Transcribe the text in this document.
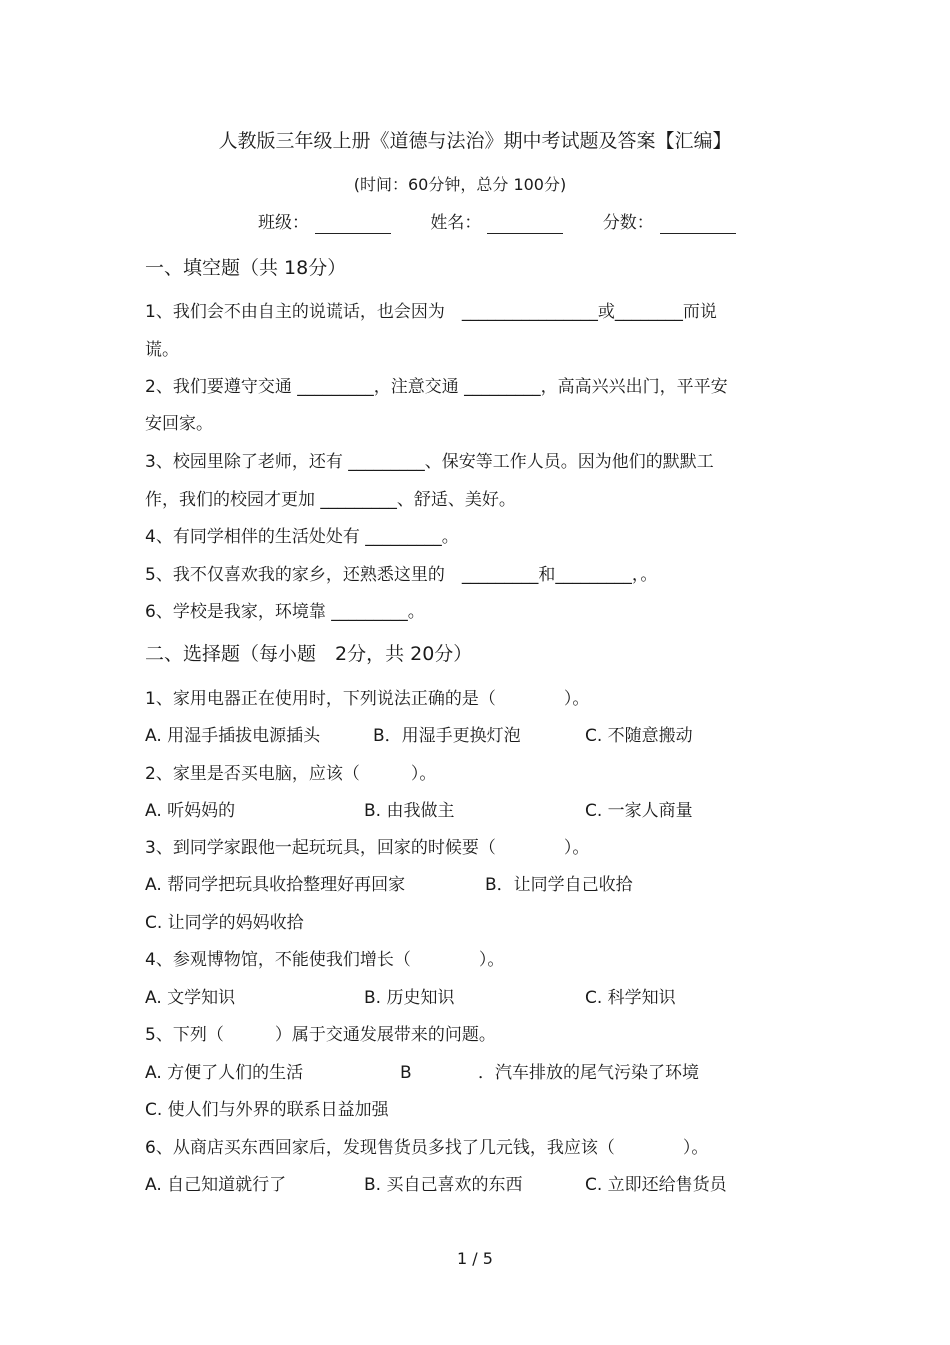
人教版三年级上册《道德与法治》期中考试题及答案【汇编】
(时间：60分钟，总分 100分)
班级：	姓名：	分数：
一、填空题（共 18分）
1、我们会不由自主的说谎话，也会因为　________________或________而说
谎。
2、我们要遵守交通 _________，注意交通 _________，高高兴兴出门，平平安
安回家。
3、校园里除了老师，还有 _________、保安等工作人员。因为他们的默默工
作，我们的校园才更加 _________、舒适、美好。
4、有同学相伴的生活处处有 _________。
5、我不仅喜欢我的家乡，还熟悉这里的　_________和_________，。
6、学校是我家，环境靠 _________。
二、选择题（每小题　2分，共 20分）
1、家用电器正在使用时，下列说法正确的是（　　　　）。
A. 用湿手插拔电源插头	B．用湿手更换灯泡	C. 不随意搬动
2、家里是否买电脑，应该（　　　）。
A. 听妈妈的	B. 由我做主	C. 一家人商量
3、到同学家跟他一起玩玩具，回家的时候要（　　　　）。
A. 帮同学把玩具收拾整理好再回家	B．让同学自己收拾
C. 让同学的妈妈收拾
4、参观博物馆，不能使我们增长（　　　　）。
A. 文学知识	B. 历史知识	C. 科学知识
5、下列（　　　）属于交通发展带来的问题。
A. 方便了人们的生活	B	．汽车排放的尾气污染了环境
C. 使人们与外界的联系日益加强
6、从商店买东西回家后，发现售货员多找了几元钱，我应该（　　　　）。
A. 自己知道就行了	B. 买自己喜欢的东西	C. 立即还给售货员
1 / 5
